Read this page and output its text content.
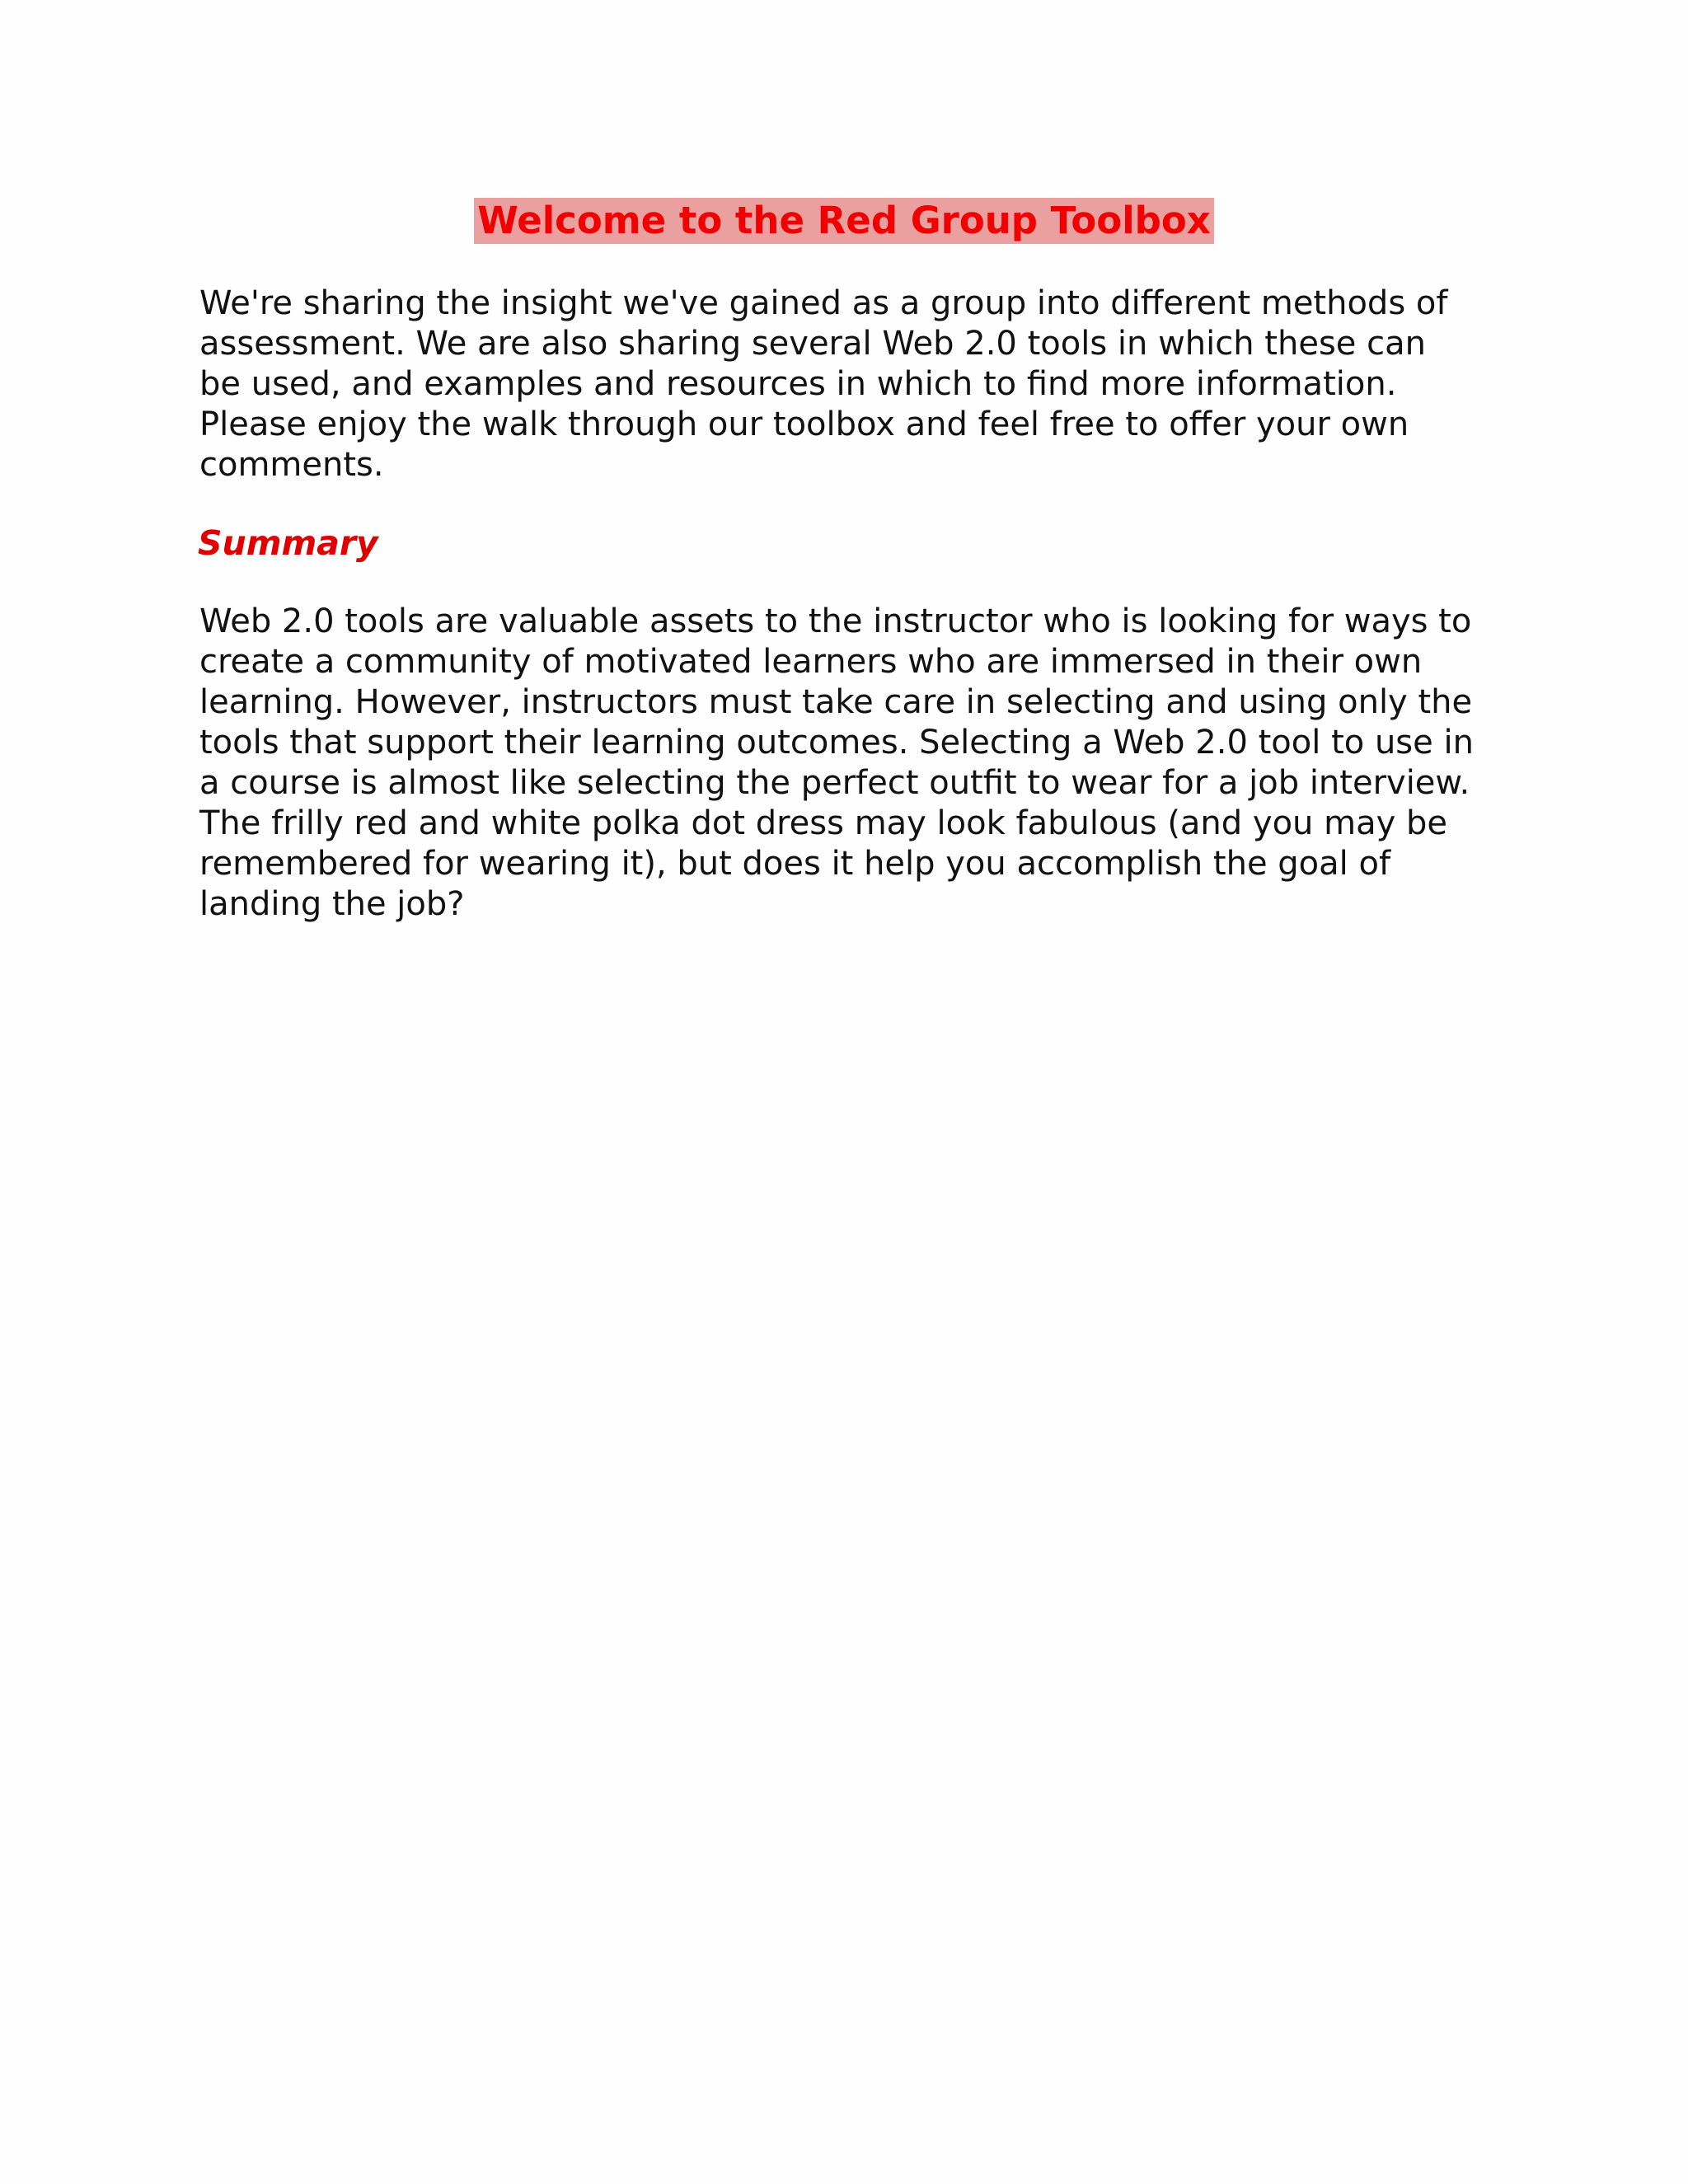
Welcome to the Red Group Toolbox
We're sharing the insight we've gained as a group into different methods of
assessment. We are also sharing several Web 2.0 tools in which these can
be used, and examples and resources in which to find more information.
Please enjoy the walk through our toolbox and feel free to offer your own
comments.
Summary
Web 2.0 tools are valuable assets to the instructor who is looking for ways to
create a community of motivated learners who are immersed in their own
learning. However, instructors must take care in selecting and using only the
tools that support their learning outcomes. Selecting a Web 2.0 tool to use in
a course is almost like selecting the perfect outfit to wear for a job interview.
The frilly red and white polka dot dress may look fabulous (and you may be
remembered for wearing it), but does it help you accomplish the goal of
landing the job?
